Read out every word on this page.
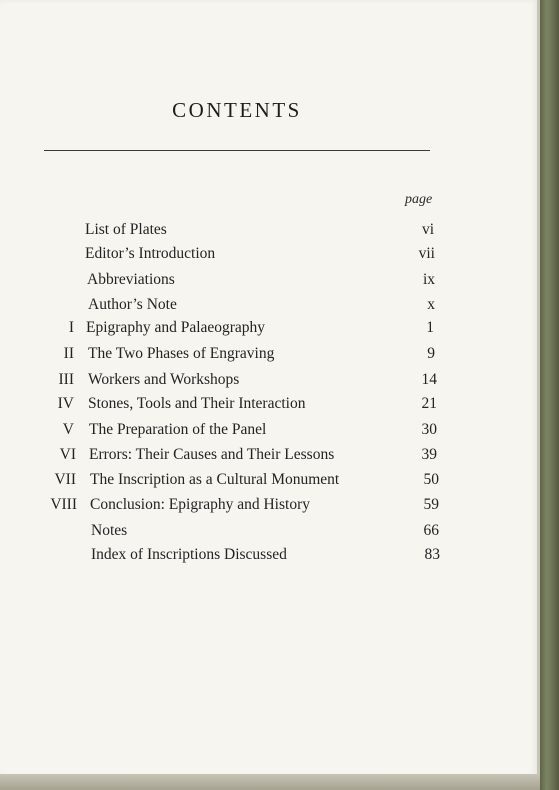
CONTENTS
page
List of Plates	vi
Editor’s Introduction	vii
Abbreviations	ix
Author’s Note	x
I Epigraphy and Palaeography	1
II The Two Phases of Engraving	9
III Workers and Workshops	14
IV Stones, Tools and Their Interaction	21
V The Preparation of the Panel	30
VI Errors: Their Causes and Their Lessons	39
VII The Inscription as a Cultural Monument	50
VIII Conclusion: Epigraphy and History	59
Notes	66
Index of Inscriptions Discussed	83
